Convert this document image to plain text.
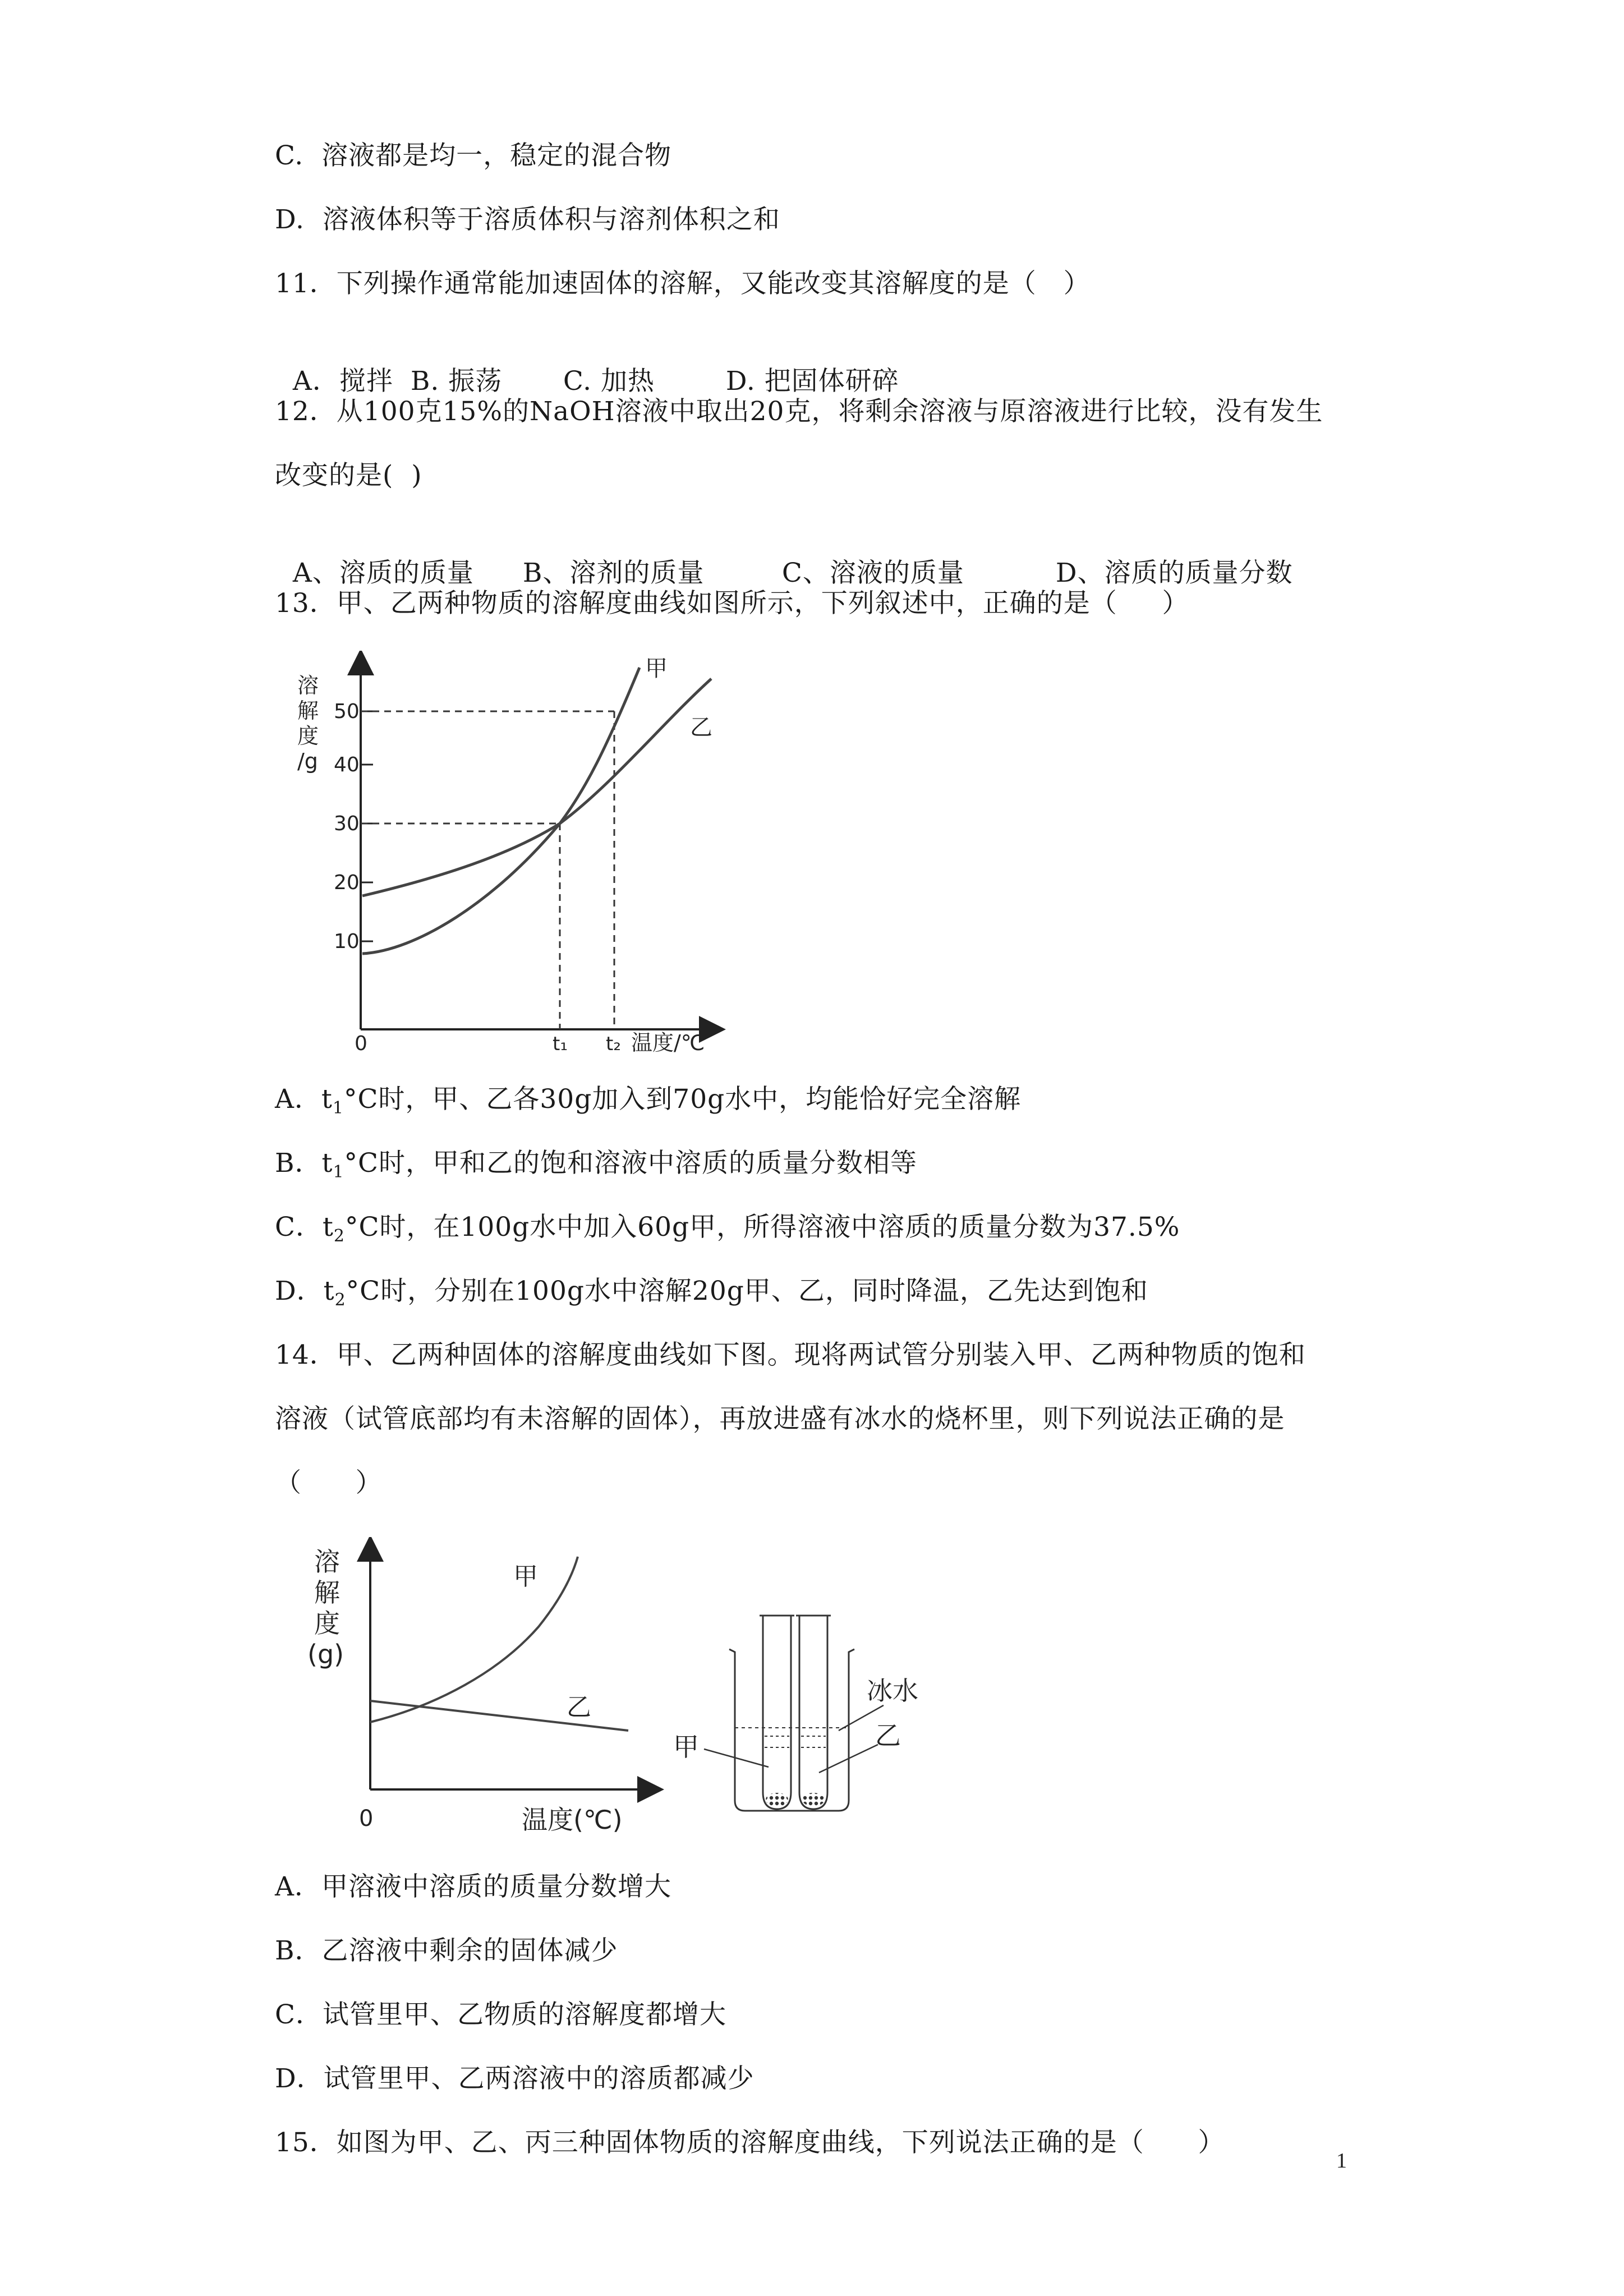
C.  溶液都是均一，稳定的混合物
D.  溶液体积等于溶质体积与溶剂体积之和
11．下列操作通常能加速固体的溶解，又能改变其溶解度的是（   ）

A．搅拌 B. 振荡 C. 加热	D. 把固体研碎

12．从100克15%的NaOH溶液中取出20克，将剩余溶液与原溶液进行比较，没有发生
改变的是(  )

A、溶质的质量 B、溶剂的质量	C、溶液的质量	D、溶质的质量分数

13．甲、乙两种物质的溶解度曲线如图所示，下列叙述中，正确的是（     ）
溶
解
度
/g
50
40
30
20
10
0
甲
乙
t₁ t₂ 温度/℃
A．$t_1^\circ C$时，甲、乙各30g加入到70g水中，均能恰好完全溶解
B．$t_1^\circ C$时，甲和乙的饱和溶液中溶质的质量分数相等
C．$t_2^\circ C$时，在100g水中加入60g甲，所得溶液中溶质的质量分数为37.5%
D．$t_2^\circ C$时，分别在100g水中溶解20g甲、乙，同时降温，乙先达到饱和
14．甲、乙两种固体的溶解度曲线如下图。现将两试管分别装入甲、乙两种物质的饱和
溶液（试管底部均有未溶解的固体），再放进盛有冰水的烧杯里，则下列说法正确的是
（      ）
溶
解
度
(g)
0	温度(℃)
甲
乙
冰水
甲	乙
A．甲溶液中溶质的质量分数增大
B．乙溶液中剩余的固体减少
C．试管里甲、乙物质的溶解度都增大
D．试管里甲、乙两溶液中的溶质都减少
15．如图为甲、乙、丙三种固体物质的溶解度曲线，下列说法正确的是（      ）
1
